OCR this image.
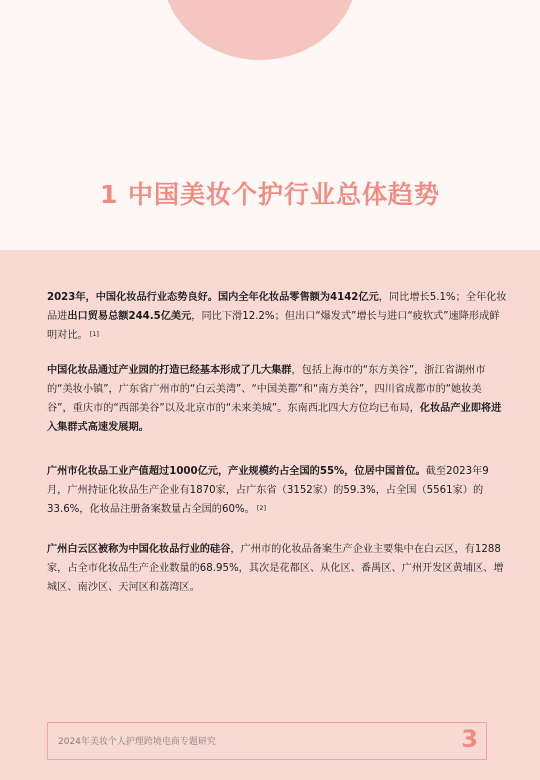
1 中国美妆个护行业总体趋势
2023年，中国化妆品行业态势良好。国内全年化妆品零售额为4142亿元，同比增长5.1%；全年化妆品进出口贸易总额244.5亿美元，同比下滑12.2%；但出口“爆发式”增长与进口“疲软式”速降形成鲜明对比。 [1]
中国化妆品通过产业园的打造已经基本形成了几大集群，包括上海市的“东方美谷”，浙江省湖州市的“美妆小镇”，广东省广州市的“白云美湾”、“中国美都”和“南方美谷”，四川省成都市的“她妆美谷”，重庆市的“西部美谷”以及北京市的“未来美城”。东南西北四大方位均已布局，化妆品产业即将进入集群式高速发展期。
广州市化妆品工业产值超过1000亿元，产业规模约占全国的55%，位居中国首位。截至2023年9月，广州持证化妆品生产企业有1870家，占广东省（3152家）的59.3%，占全国（5561家）的33.6%，化妆品注册备案数量占全国的60%。 [2]
广州白云区被称为中国化妆品行业的硅谷，广州市的化妆品备案生产企业主要集中在白云区，有1288家，占全市化妆品生产企业数量的68.95%，其次是花都区、从化区、番禺区、广州开发区黄埔区、增城区、南沙区、天河区和荔湾区。
2024年美妆个人护理跨境电商专题研究	3
